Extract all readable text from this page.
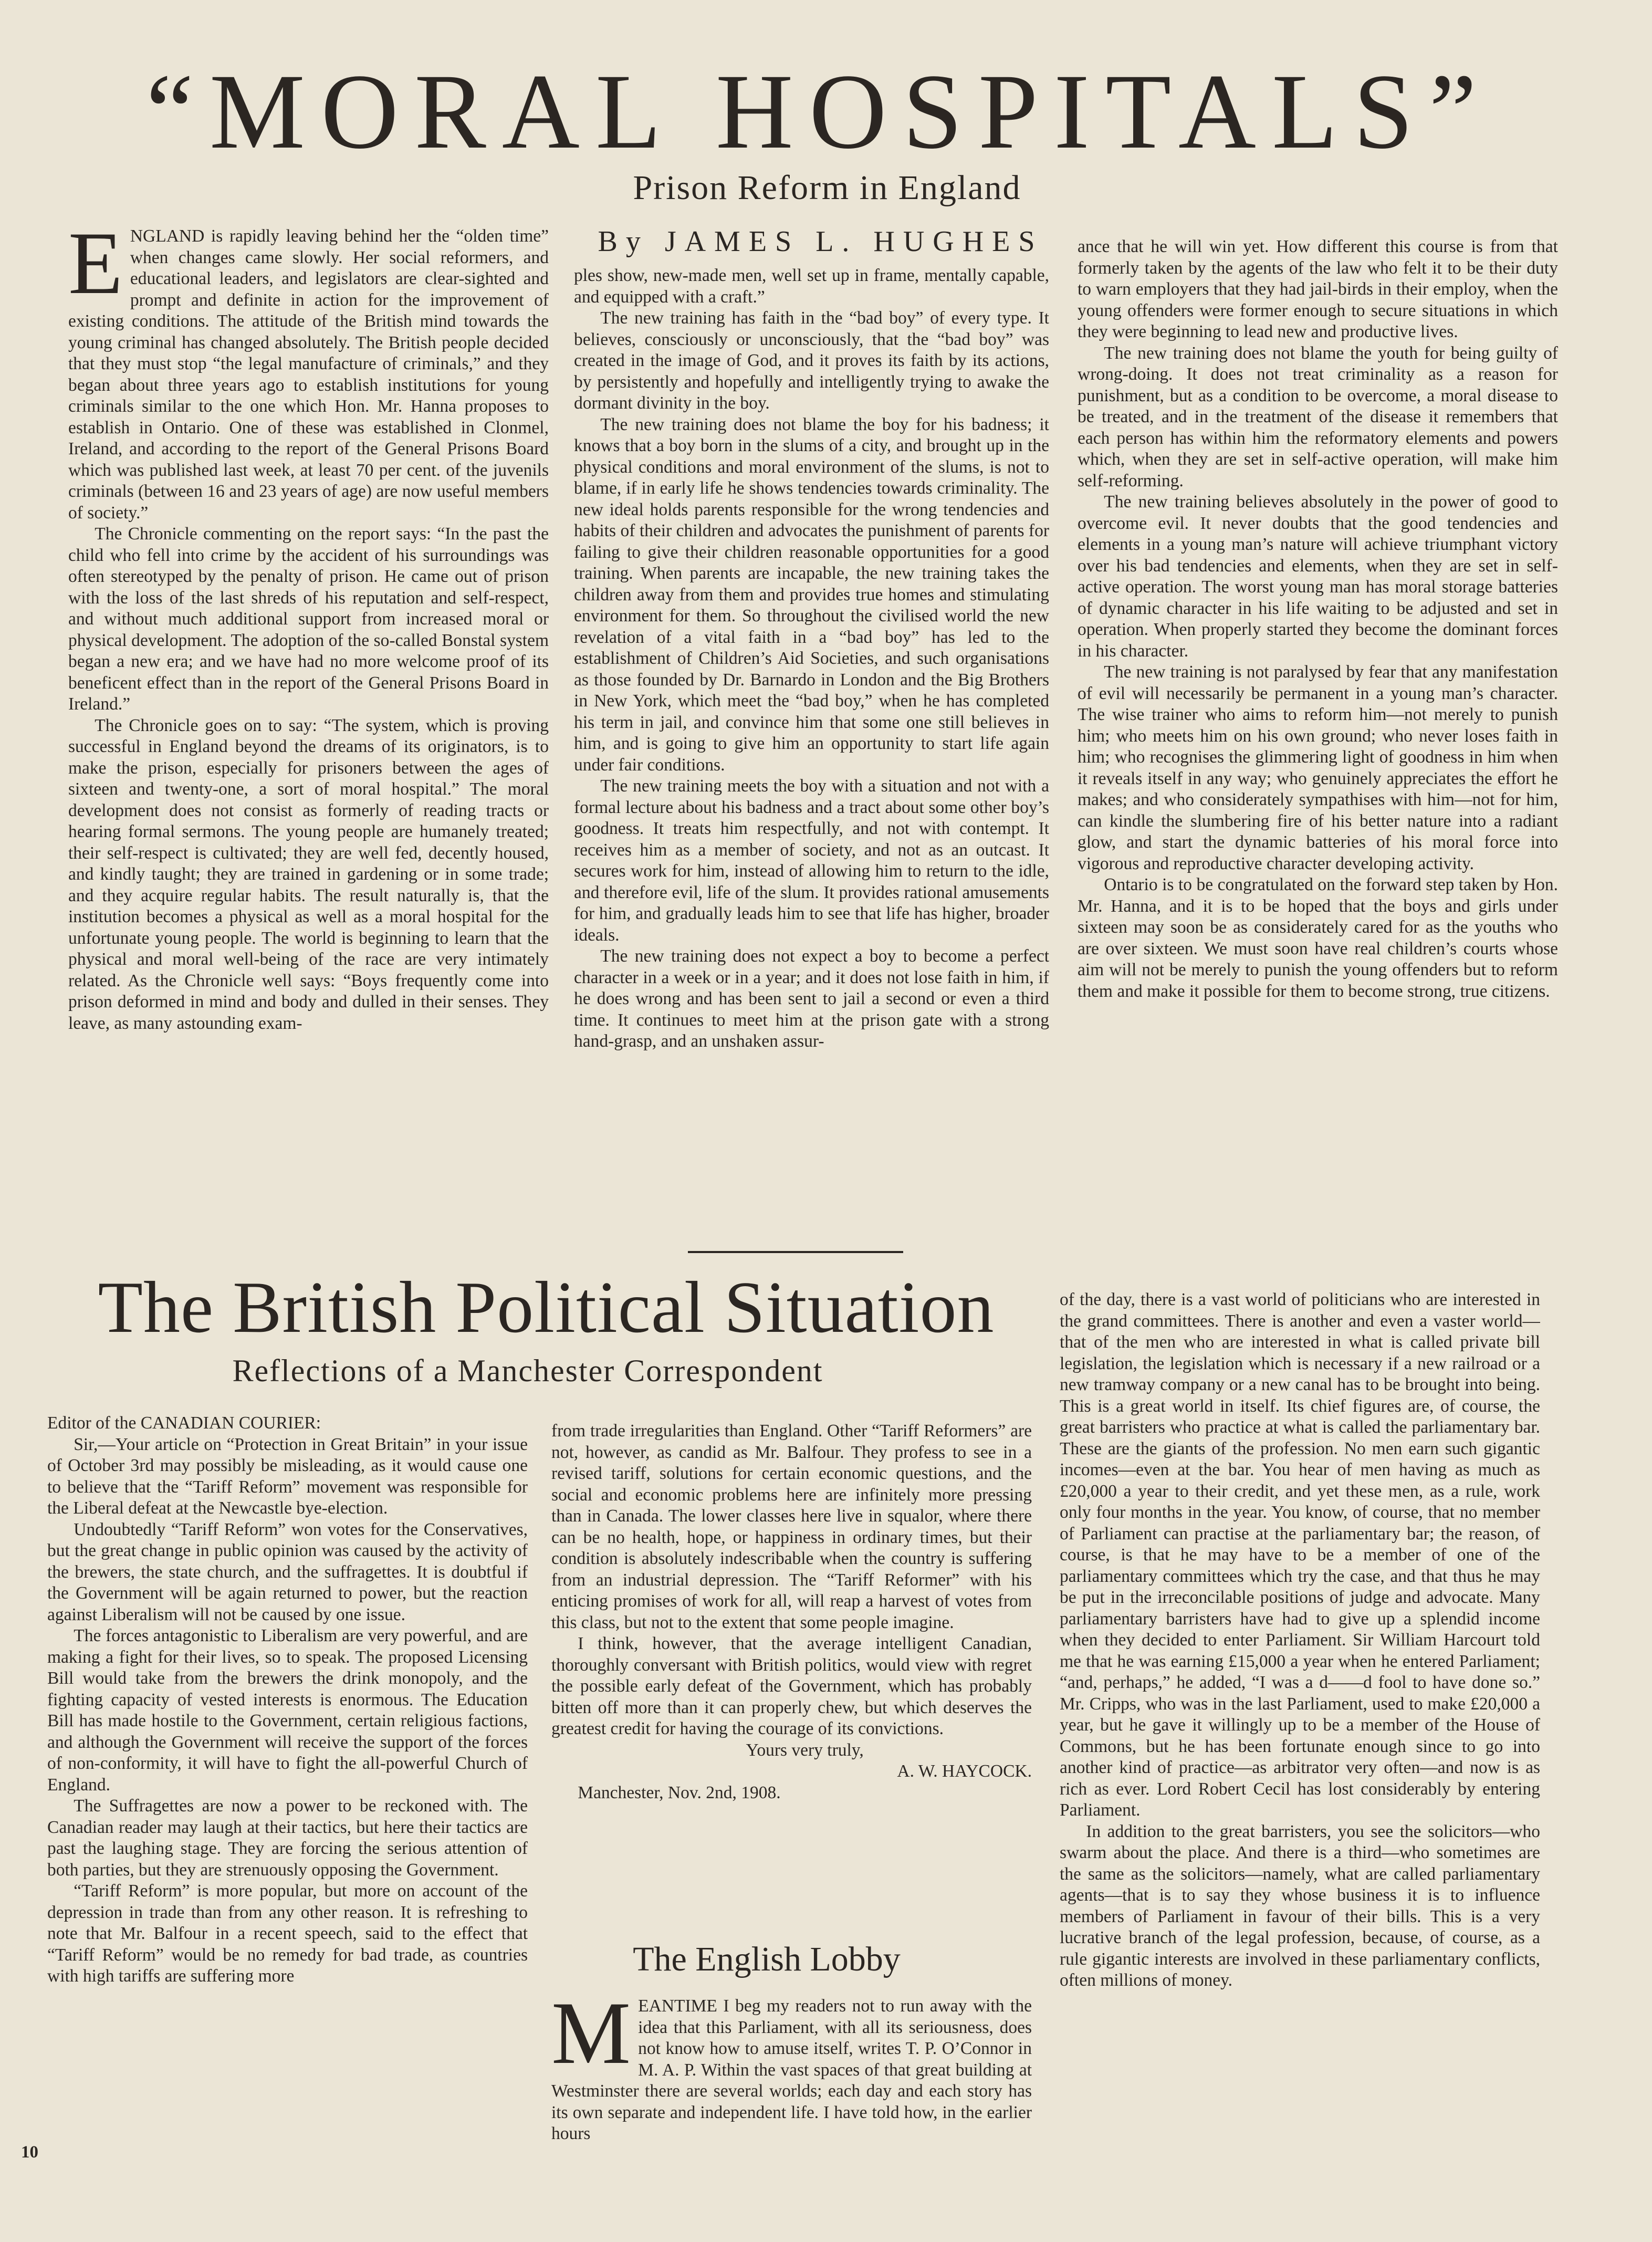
“MORAL HOSPITALS”
Prison Reform in England
By JAMES L. HUGHES
E NGLAND is rapidly leaving behind her the “olden time” when changes came slowly. Her social reformers, and educational leaders, and legislators are clear-sighted and prompt and definite in action for the improvement of existing conditions. The attitude of the British mind towards the young criminal has changed absolutely. The British people decided that they must stop “the legal manufacture of criminals,” and they began about three years ago to establish institutions for young criminals similar to the one which Hon. Mr. Hanna proposes to establish in Ontario. One of these was established in Clonmel, Ireland, and according to the report of the General Prisons Board which was published last week, at least 70 per cent. of the juvenils criminals (between 16 and 23 years of age) are now useful members of society.”

The Chronicle commenting on the report says: “In the past the child who fell into crime by the accident of his surroundings was often stereotyped by the penalty of prison. He came out of prison with the loss of the last shreds of his reputation and self-respect, and without much additional support from increased moral or physical development. The adoption of the so-called Bonstal system began a new era; and we have had no more welcome proof of its beneficent effect than in the report of the General Prisons Board in Ireland.”

The Chronicle goes on to say: “The system, which is proving successful in England beyond the dreams of its originators, is to make the prison, especially for prisoners between the ages of sixteen and twenty-one, a sort of moral hospital.” The moral development does not consist as formerly of reading tracts or hearing formal sermons. The young people are humanely treated; their self-respect is cultivated; they are well fed, decently housed, and kindly taught; they are trained in gardening or in some trade; and they acquire regular habits. The result naturally is, that the institution becomes a physical as well as a moral hospital for the unfortunate young people. The world is beginning to learn that the physical and moral well-being of the race are very intimately related. As the Chronicle well says: “Boys frequently come into prison deformed in mind and body and dulled in their senses. They leave, as many astounding exam-

ples show, new-made men, well set up in frame, mentally capable, and equipped with a craft.”

The new training has faith in the “bad boy” of every type. It believes, consciously or unconsciously, that the “bad boy” was created in the image of God, and it proves its faith by its actions, by persistently and hopefully and intelligently trying to awake the dormant divinity in the boy.

The new training does not blame the boy for his badness; it knows that a boy born in the slums of a city, and brought up in the physical conditions and moral environment of the slums, is not to blame, if in early life he shows tendencies towards criminality. The new ideal holds parents responsible for the wrong tendencies and habits of their children and advocates the punishment of parents for failing to give their children reasonable opportunities for a good training. When parents are incapable, the new training takes the children away from them and provides true homes and stimulating environment for them. So throughout the civilised world the new revelation of a vital faith in a “bad boy” has led to the establishment of Children’s Aid Societies, and such organisations as those founded by Dr. Barnardo in London and the Big Brothers in New York, which meet the “bad boy,” when he has completed his term in jail, and convince him that some one still believes in him, and is going to give him an opportunity to start life again under fair conditions.

The new training meets the boy with a situation and not with a formal lecture about his badness and a tract about some other boy’s goodness. It treats him respectfully, and not with contempt. It receives him as a member of society, and not as an outcast. It secures work for him, instead of allowing him to return to the idle, and therefore evil, life of the slum. It provides rational amusements for him, and gradually leads him to see that life has higher, broader ideals.

The new training does not expect a boy to become a perfect character in a week or in a year; and it does not lose faith in him, if he does wrong and has been sent to jail a second or even a third time. It continues to meet him at the prison gate with a strong hand-grasp, and an unshaken assur-

ance that he will win yet. How different this course is from that formerly taken by the agents of the law who felt it to be their duty to warn employers that they had jail-birds in their employ, when the young offenders were former enough to secure situations in which they were beginning to lead new and productive lives.

The new training does not blame the youth for being guilty of wrong-doing. It does not treat criminality as a reason for punishment, but as a condition to be overcome, a moral disease to be treated, and in the treatment of the disease it remembers that each person has within him the reformatory elements and powers which, when they are set in self-active operation, will make him self-reforming.

The new training believes absolutely in the power of good to overcome evil. It never doubts that the good tendencies and elements in a young man’s nature will achieve triumphant victory over his bad tendencies and elements, when they are set in self-active operation. The worst young man has moral storage batteries of dynamic character in his life waiting to be adjusted and set in operation. When properly started they become the dominant forces in his character.

The new training is not paralysed by fear that any manifestation of evil will necessarily be permanent in a young man’s character. The wise trainer who aims to reform him—not merely to punish him; who meets him on his own ground; who never loses faith in him; who recognises the glimmering light of goodness in him when it reveals itself in any way; who genuinely appreciates the effort he makes; and who considerately sympathises with him—not for him, can kindle the slumbering fire of his better nature into a radiant glow, and start the dynamic batteries of his moral force into vigorous and reproductive character developing activity.

Ontario is to be congratulated on the forward step taken by Hon. Mr. Hanna, and it is to be hoped that the boys and girls under sixteen may soon be as considerately cared for as the youths who are over sixteen. We must soon have real children’s courts whose aim will not be merely to punish the young offenders but to reform them and make it possible for them to become strong, true citizens.

The British Political Situation
Reflections of a Manchester Correspondent

Editor of the CANADIAN COURIER:

Sir,—Your article on “Protection in Great Britain” in your issue of October 3rd may possibly be misleading, as it would cause one to believe that the “Tariff Reform” movement was responsible for the Liberal defeat at the Newcastle bye-election.

Undoubtedly “Tariff Reform” won votes for the Conservatives, but the great change in public opinion was caused by the activity of the brewers, the state church, and the suffragettes. It is doubtful if the Government will be again returned to power, but the reaction against Liberalism will not be caused by one issue.

The forces antagonistic to Liberalism are very powerful, and are making a fight for their lives, so to speak. The proposed Licensing Bill would take from the brewers the drink monopoly, and the fighting capacity of vested interests is enormous. The Education Bill has made hostile to the Government, certain religious factions, and although the Government will receive the support of the forces of non-conformity, it will have to fight the all-powerful Church of England.

The Suffragettes are now a power to be reckoned with. The Canadian reader may laugh at their tactics, but here their tactics are past the laughing stage. They are forcing the serious attention of both parties, but they are strenuously opposing the Government.

“Tariff Reform” is more popular, but more on account of the depression in trade than from any other reason. It is refreshing to note that Mr. Balfour in a recent speech, said to the effect that “Tariff Reform” would be no remedy for bad trade, as countries with high tariffs are suffering more

from trade irregularities than England. Other “Tariff Reformers” are not, however, as candid as Mr. Balfour. They profess to see in a revised tariff, solutions for certain economic questions, and the social and economic problems here are infinitely more pressing than in Canada. The lower classes here live in squalor, where there can be no health, hope, or happiness in ordinary times, but their condition is absolutely indescribable when the country is suffering from an industrial depression. The “Tariff Reformer” with his enticing promises of work for all, will reap a harvest of votes from this class, but not to the extent that some people imagine.

I think, however, that the average intelligent Canadian, thoroughly conversant with British politics, would view with regret the possible early defeat of the Government, which has probably bitten off more than it can properly chew, but which deserves the greatest credit for having the courage of its convictions.

Yours very truly,

A. W. HAYCOCK.

Manchester, Nov. 2nd, 1908.

The English Lobby
M EANTIME I beg my readers not to run away with the idea that this Parliament, with all its seriousness, does not know how to amuse itself, writes T. P. O’Connor in M. A. P. Within the vast spaces of that great building at Westminster there are several worlds; each day and each story has its own separate and independent life. I have told how, in the earlier hours

of the day, there is a vast world of politicians who are interested in the grand committees. There is another and even a vaster world—that of the men who are interested in what is called private bill legislation, the legislation which is necessary if a new railroad or a new tramway company or a new canal has to be brought into being. This is a great world in itself. Its chief figures are, of course, the great barristers who practice at what is called the parliamentary bar. These are the giants of the profession. No men earn such gigantic incomes—even at the bar. You hear of men having as much as £20,000 a year to their credit, and yet these men, as a rule, work only four months in the year. You know, of course, that no member of Parliament can practise at the parliamentary bar; the reason, of course, is that he may have to be a member of one of the parliamentary committees which try the case, and that thus he may be put in the irreconcilable positions of judge and advocate. Many parliamentary barristers have had to give up a splendid income when they decided to enter Parliament. Sir William Harcourt told me that he was earning £15,000 a year when he entered Parliament; “and, perhaps,” he added, “I was a d——d fool to have done so.” Mr. Cripps, who was in the last Parliament, used to make £20,000 a year, but he gave it willingly up to be a member of the House of Commons, but he has been fortunate enough since to go into another kind of practice—as arbitrator very often—and now is as rich as ever. Lord Robert Cecil has lost considerably by entering Parliament.

In addition to the great barristers, you see the solicitors—who swarm about the place. And there is a third—who sometimes are the same as the solicitors—namely, what are called parliamentary agents—that is to say they whose business it is to influence members of Parliament in favour of their bills. This is a very lucrative branch of the legal profession, because, of course, as a rule gigantic interests are involved in these parliamentary conflicts, often millions of money.

10
